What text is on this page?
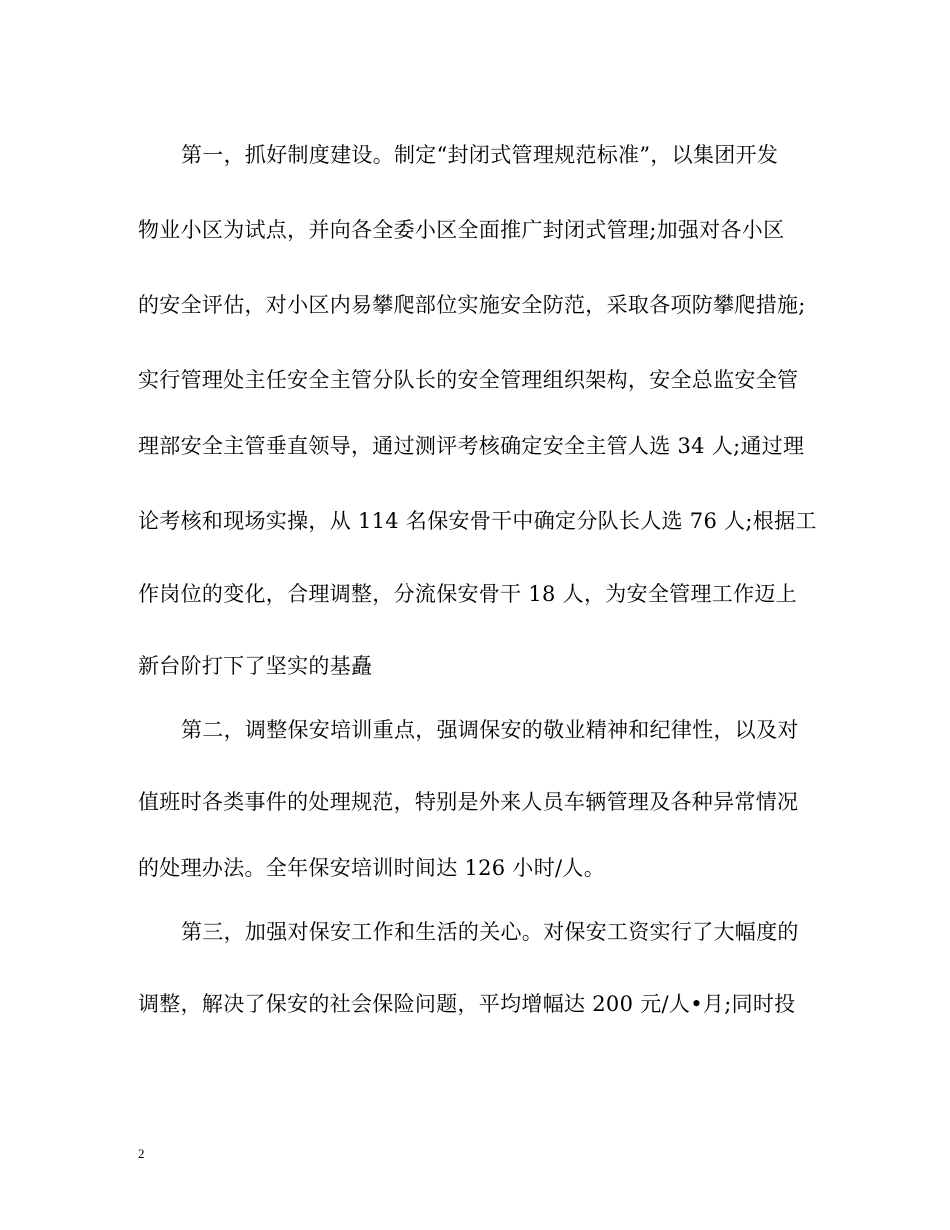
第一，抓好制度建设。制定“封闭式管理规范标准”，以集团开发
物业小区为试点，并向各全委小区全面推广封闭式管理;加强对各小区
的安全评估，对小区内易攀爬部位实施安全防范，采取各项防攀爬措施;
实行管理处主任安全主管分队长的安全管理组织架构，安全总监安全管
理部安全主管垂直领导，通过测评考核确定安全主管人选 34 人;通过理
论考核和现场实操，从 114 名保安骨干中确定分队长人选 76 人;根据工
作岗位的变化，合理调整，分流保安骨干 18 人，为安全管理工作迈上
新台阶打下了坚实的基矗
第二，调整保安培训重点，强调保安的敬业精神和纪律性，以及对
值班时各类事件的处理规范，特别是外来人员车辆管理及各种异常情况
的处理办法。全年保安培训时间达 126 小时/人。
第三，加强对保安工作和生活的关心。对保安工资实行了大幅度的
调整，解决了保安的社会保险问题，平均增幅达 200 元/人•月;同时投
2
